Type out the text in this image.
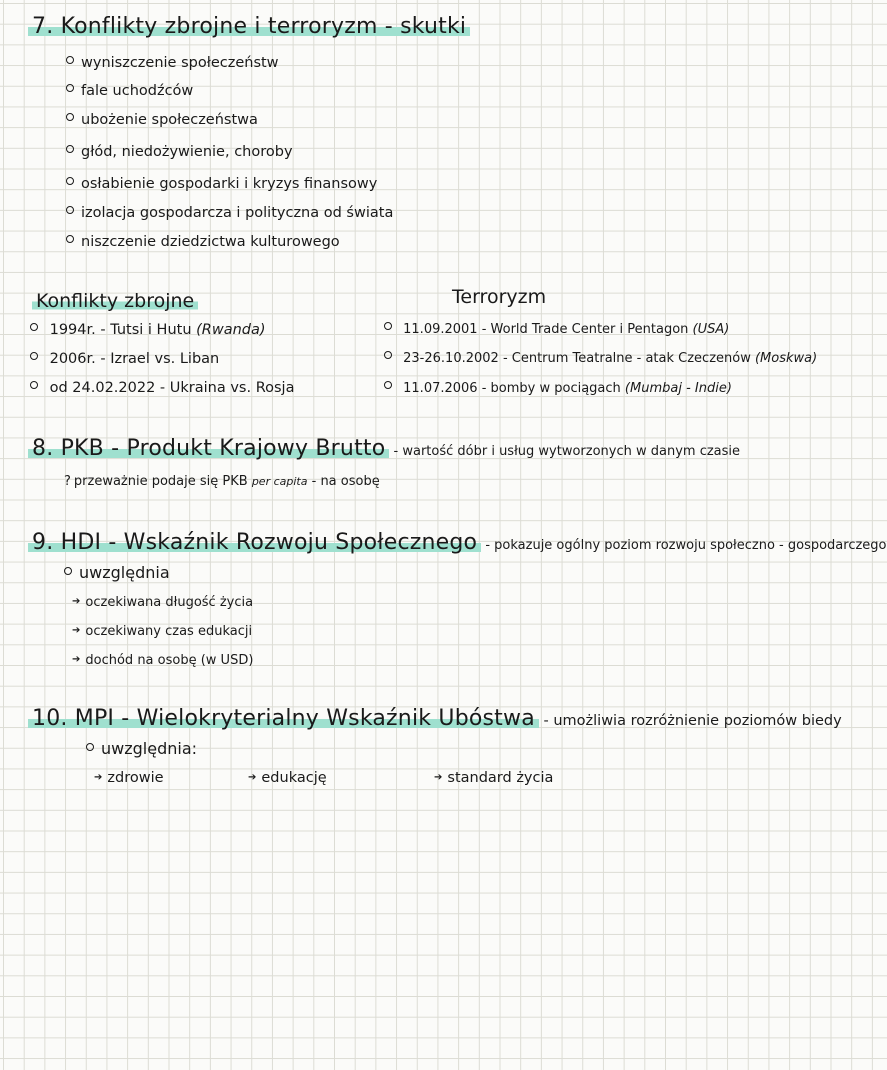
7. Konflikty zbrojne i terroryzm - skutki
wyniszczenie społeczeństw
fale uchodźców
ubożenie społeczeństwa
głód, niedożywienie, choroby
osłabienie gospodarki i kryzys finansowy
izolacja gospodarcza i polityczna od świata
niszczenie dziedzictwa kulturowego
Konflikty zbrojne
1994r. - Tutsi i Hutu (Rwanda)
2006r. - Izrael vs. Liban
od 24.02.2022 - Ukraina vs. Rosja
Terroryzm
11.09.2001 - World Trade Center i Pentagon (USA)
23-26.10.2002 - Centrum Teatralne - atak Czeczenów (Moskwa)
11.07.2006 - bomby w pociągach (Mumbaj - Indie)
8. PKB - Produkt Krajowy Brutto - wartość dóbr i usług wytworzonych w danym czasie
? przeważnie podaje się PKB per capita - na osobę
9. HDI - Wskaźnik Rozwoju Społecznego - pokazuje ogólny poziom rozwoju społeczno - gospodarczego
uwzględnia
➔ oczekiwana długość życia
➔ oczekiwany czas edukacji
➔ dochód na osobę (w USD)
10. MPI - Wielokryterialny Wskaźnik Ubóstwa - umożliwia rozróżnienie poziomów biedy
uwzględnia:
➔ zdrowie	➔ edukację	➔ standard życia
